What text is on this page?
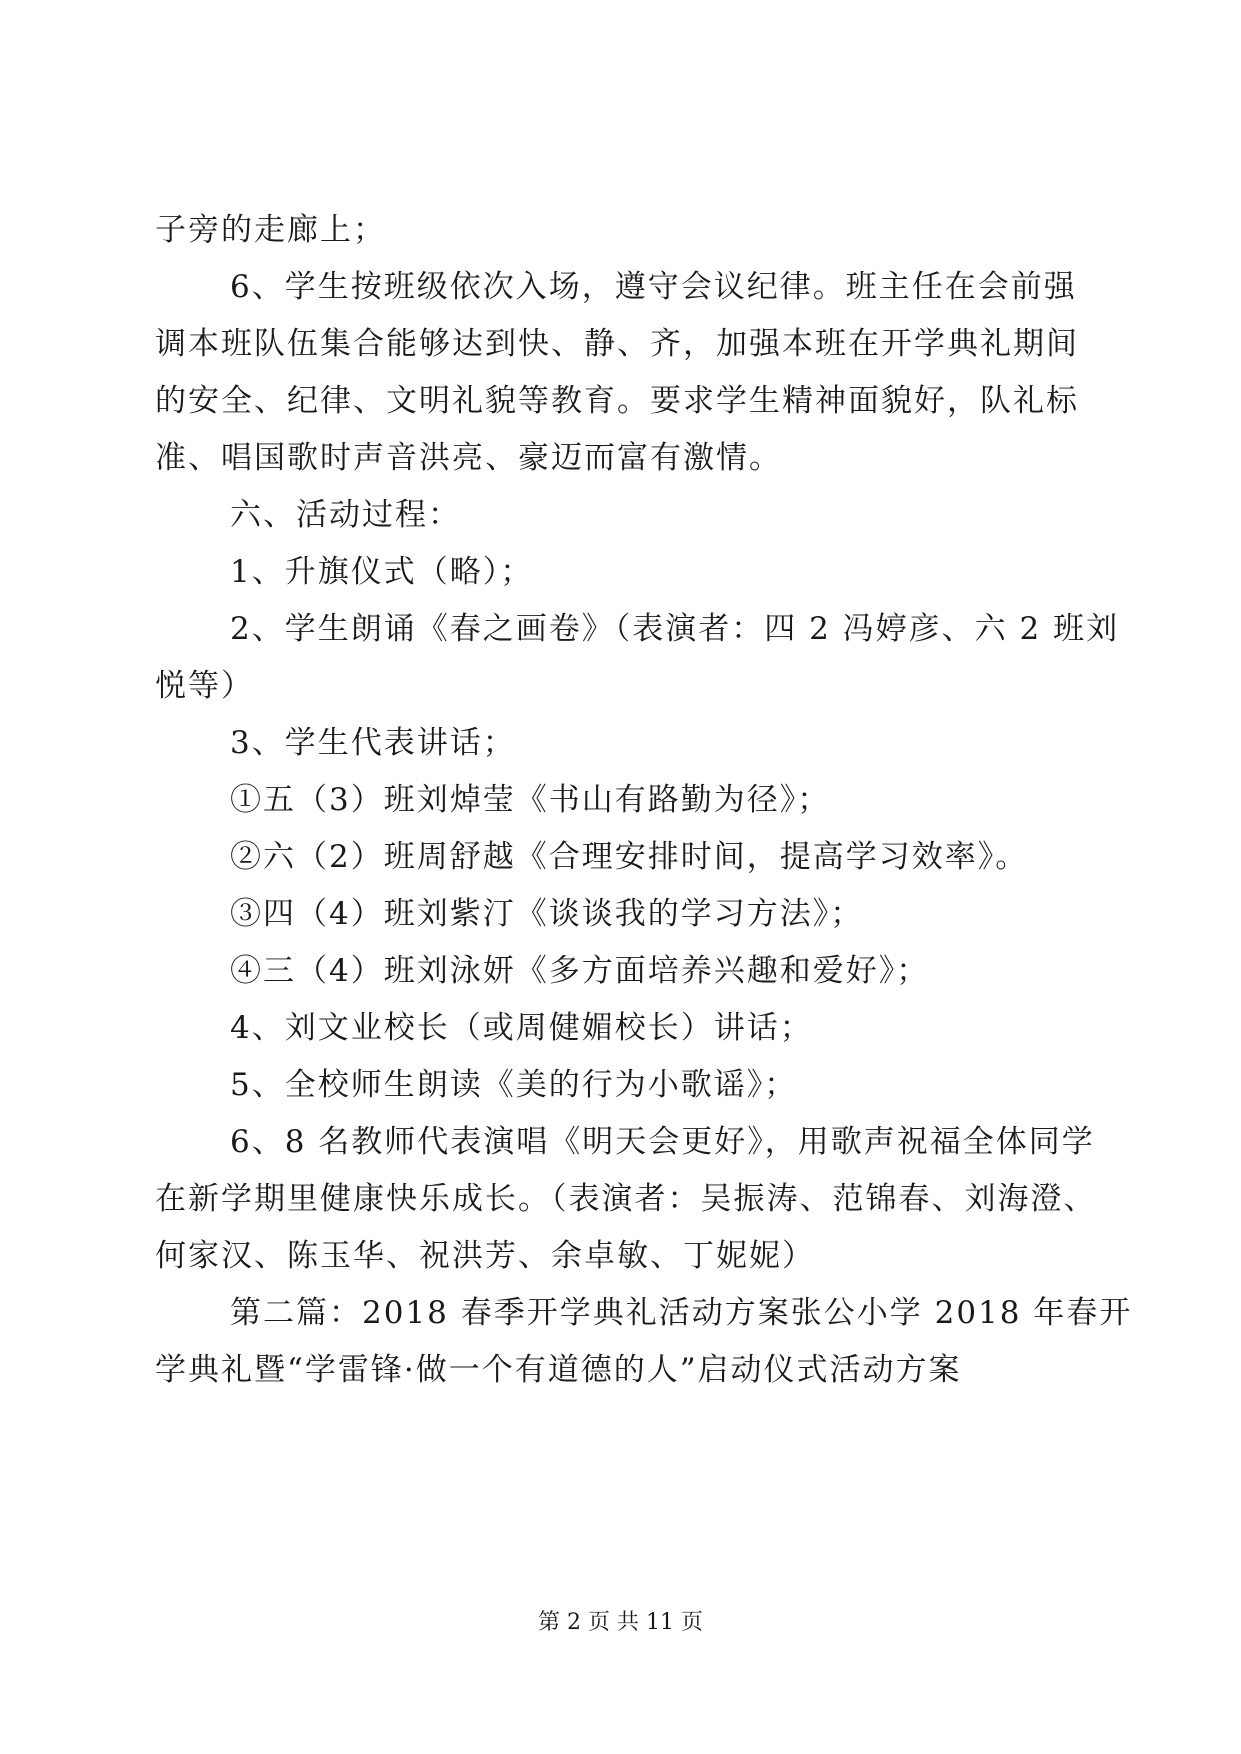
子旁的走廊上；
6、学生按班级依次入场，遵守会议纪律。班主任在会前强
调本班队伍集合能够达到快、静、齐，加强本班在开学典礼期间
的安全、纪律、文明礼貌等教育。要求学生精神面貌好，队礼标
准、唱国歌时声音洪亮、豪迈而富有激情。
六、活动过程：
1、升旗仪式（略）；
2、学生朗诵《春之画卷》（表演者：四 2 冯婷彦、六 2 班刘
悦等）
3、学生代表讲话；
①五（3）班刘焯莹《书山有路勤为径》；
②六（2）班周舒越《合理安排时间，提高学习效率》。
③四（4）班刘紫汀《谈谈我的学习方法》；
④三（4）班刘泳妍《多方面培养兴趣和爱好》；
4、刘文业校长（或周健媚校长）讲话；
5、全校师生朗读《美的行为小歌谣》；
6、8 名教师代表演唱《明天会更好》，用歌声祝福全体同学
在新学期里健康快乐成长。（表演者：吴振涛、范锦春、刘海澄、
何家汉、陈玉华、祝洪芳、余卓敏、丁妮妮）
第二篇：2018 春季开学典礼活动方案张公小学 2018 年春开
学典礼暨“学雷锋·做一个有道德的人”启动仪式活动方案
第 2 页 共 11 页
